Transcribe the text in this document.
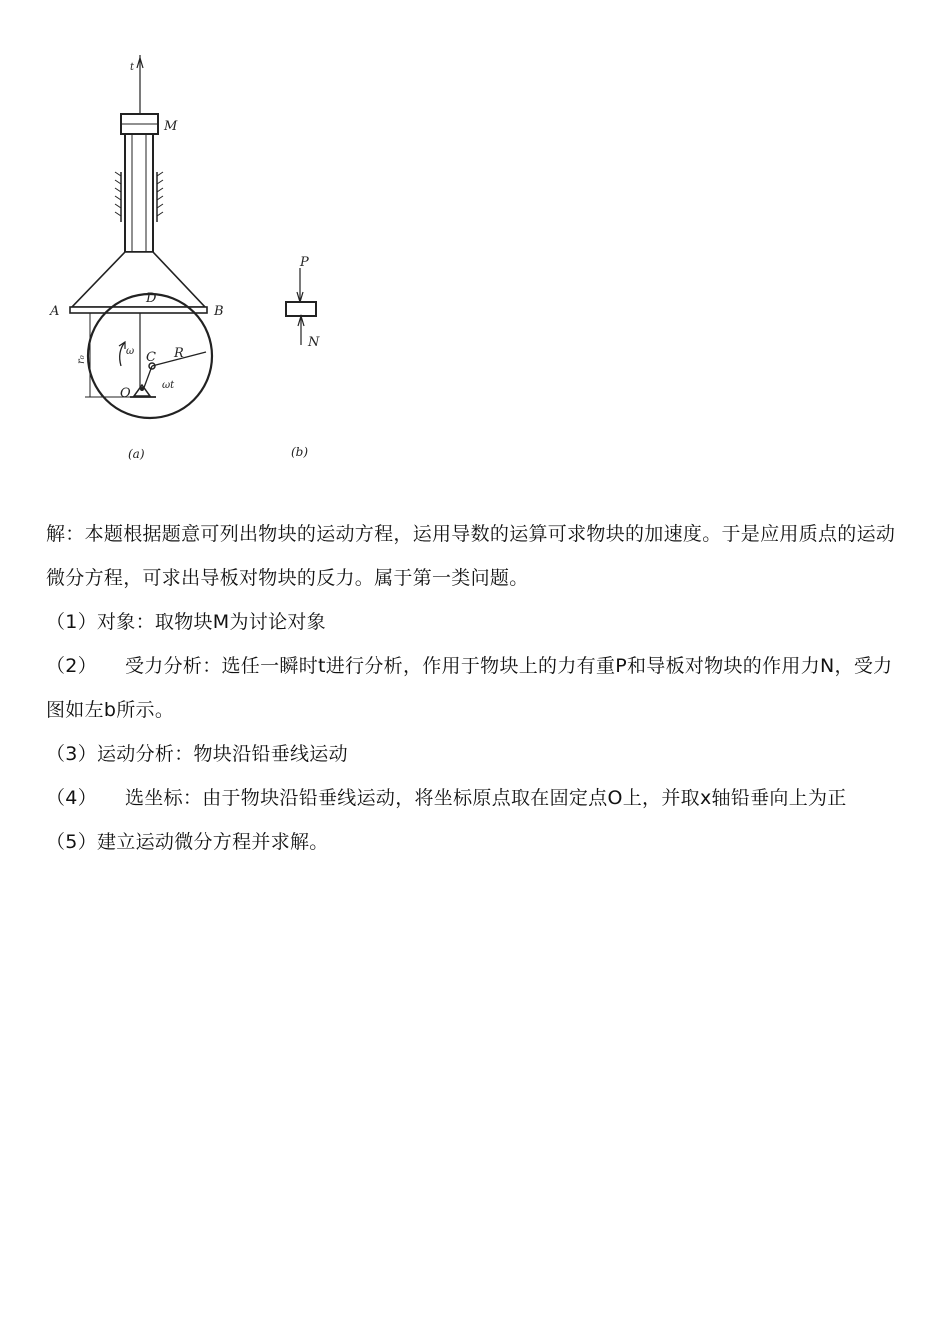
t
M
A	B
D
C R
ωt
ω
O
r₀
(a)
P
N
(b)

解：本题根据题意可列出物块的运动方程，运用导数的运算可求物块的加速度。于是应用质点的运动微分方程，可求出导板对物块的反力。属于第一类问题。

（1）对象：取物块M为讨论对象

（2） 受力分析：选任一瞬时t进行分析，作用于物块上的力有重P和导板对物块的作用力N，受力图如左b所示。

（3）运动分析：物块沿铅垂线运动

（4） 选坐标：由于物块沿铅垂线运动，将坐标原点取在固定点O上，并取x轴铅垂向上为正

（5）建立运动微分方程并求解。
